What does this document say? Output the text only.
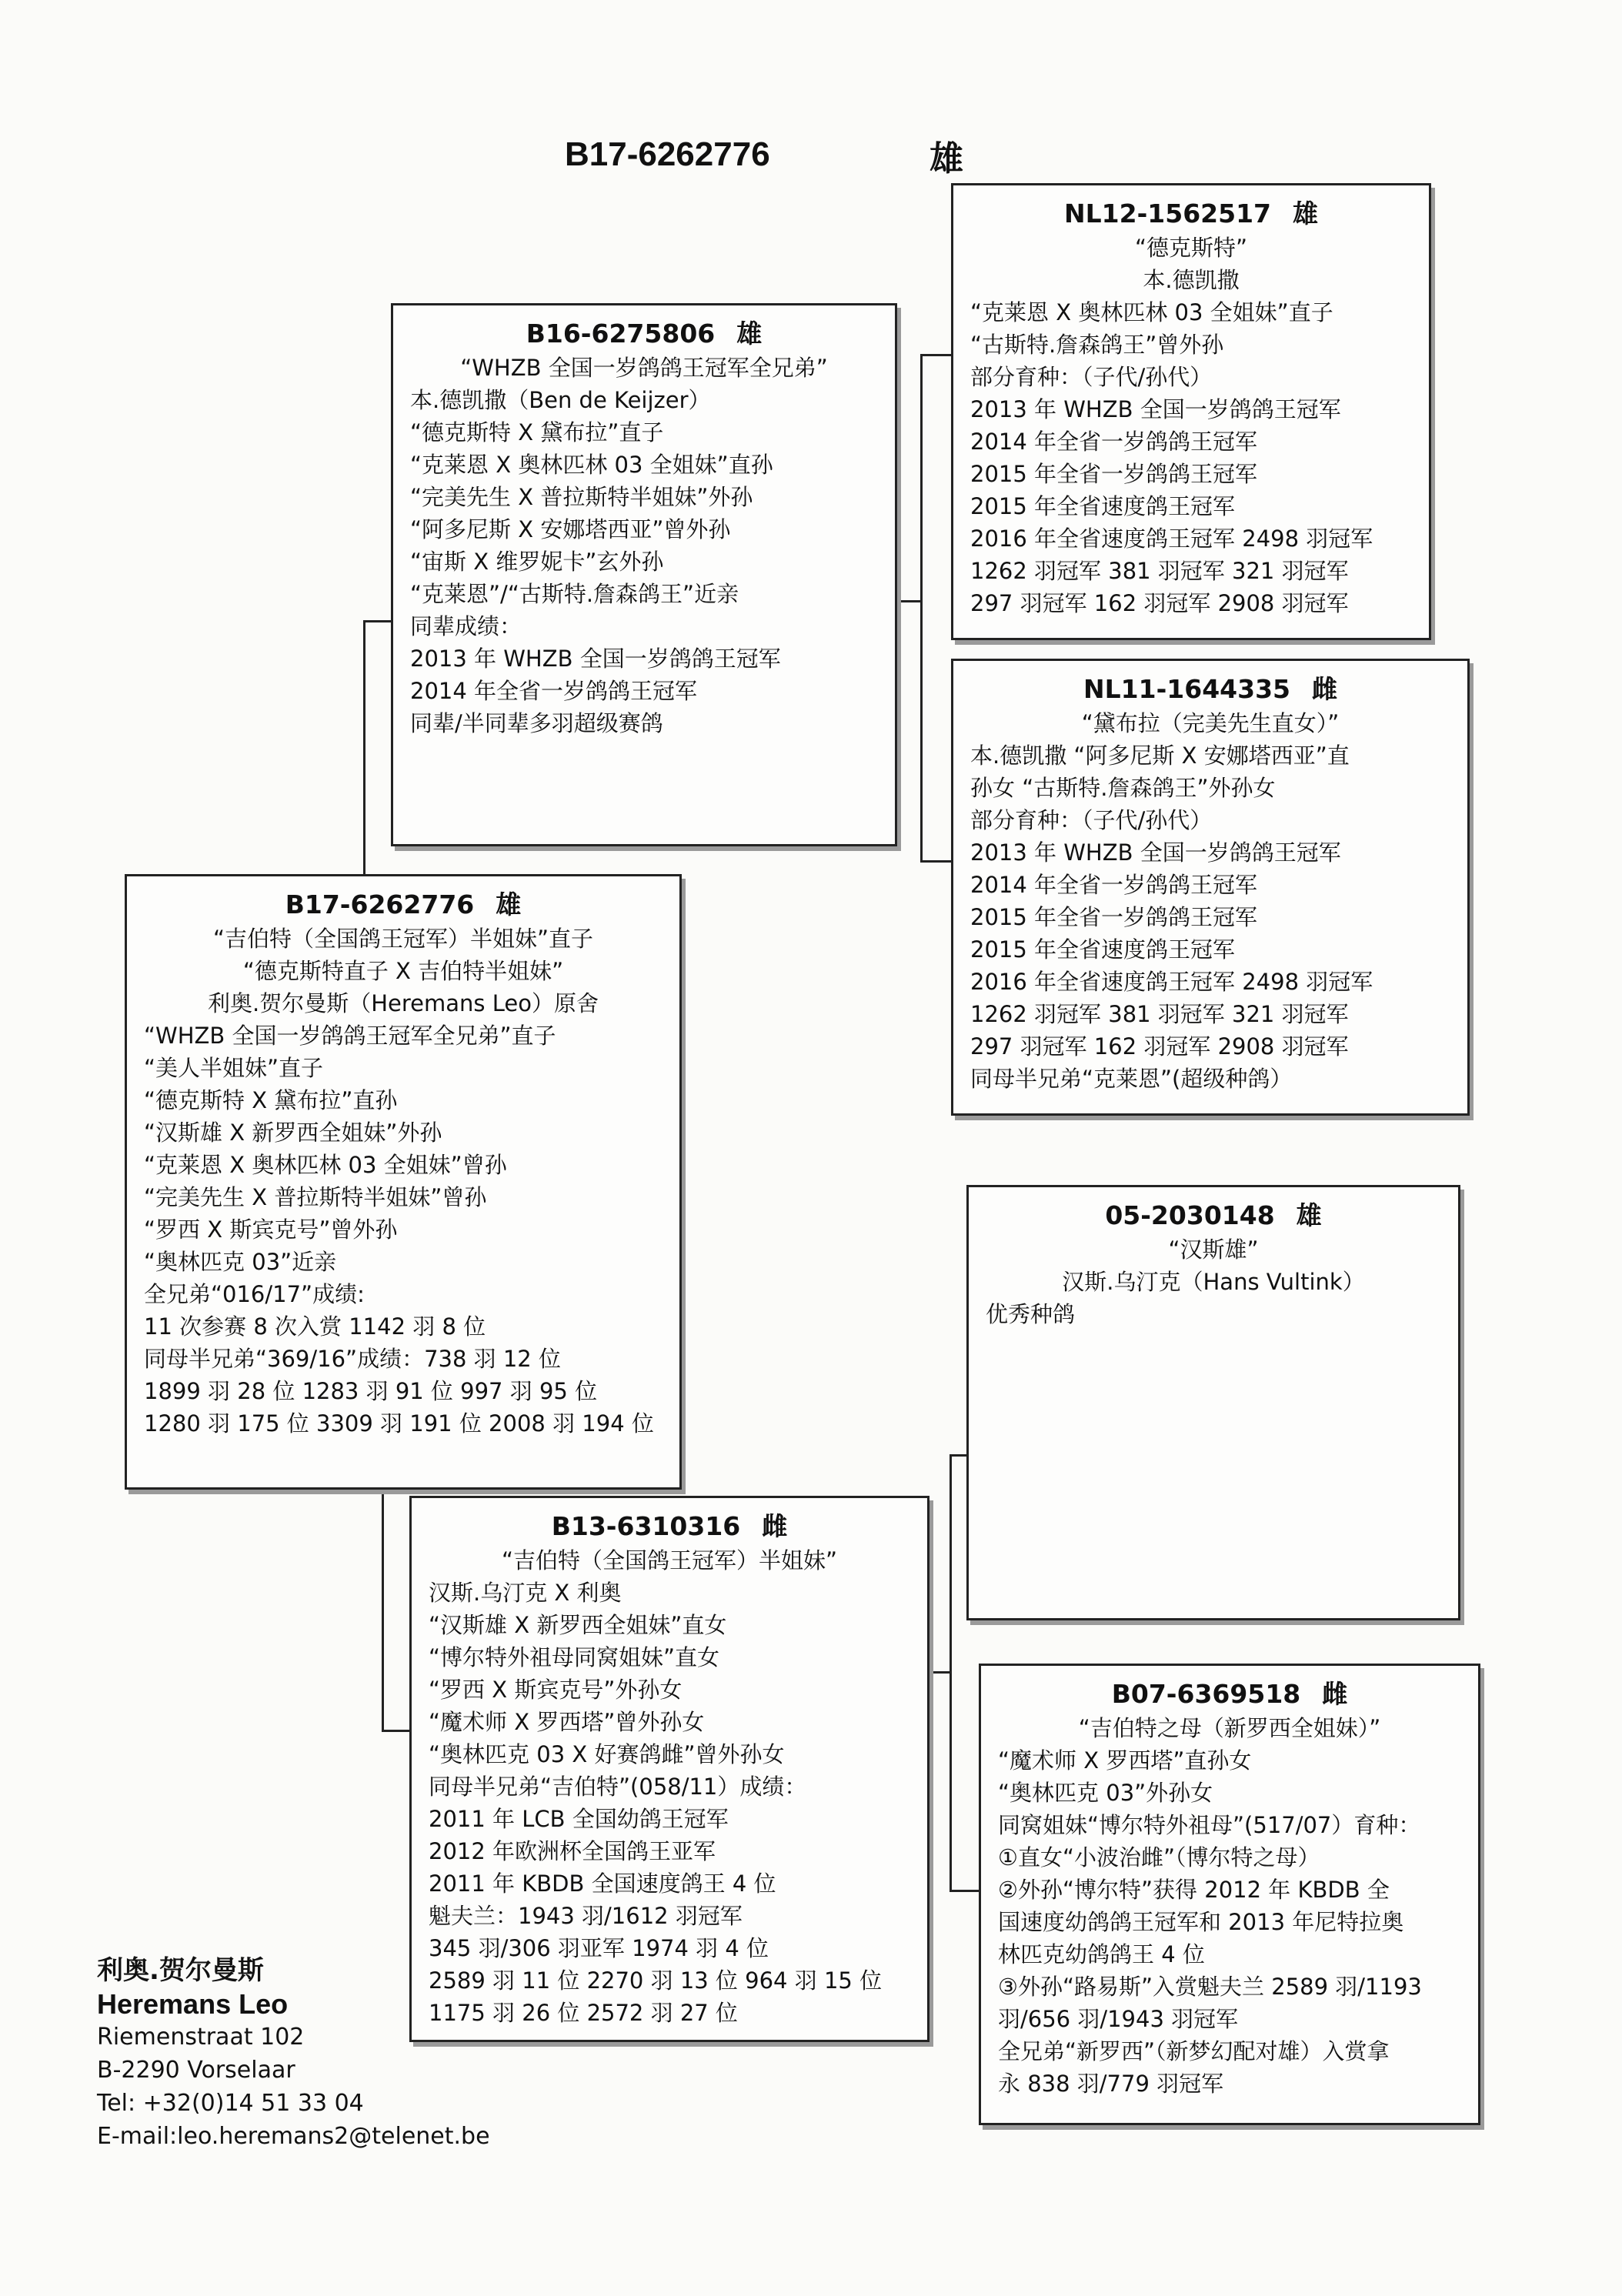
B17-6262776	雄
B16-6275806 雄
“WHZB 全国一岁鸽鸽王冠军全兄弟”
本.德凯撒（Ben de Keijzer）
“德克斯特 X 黛布拉”直子
“克莱恩 X 奥林匹林 03 全姐妹”直孙
“完美先生 X 普拉斯特半姐妹”外孙
“阿多尼斯 X 安娜塔西亚”曾外孙
“宙斯 X 维罗妮卡”玄外孙
“克莱恩”/“古斯特.詹森鸽王”近亲
同辈成绩：
2013 年 WHZB 全国一岁鸽鸽王冠军
2014 年全省一岁鸽鸽王冠军
同辈/半同辈多羽超级赛鸽
B17-6262776 雄
“吉伯特（全国鸽王冠军）半姐妹”直子
“德克斯特直子 X 吉伯特半姐妹”
利奥.贺尔曼斯（Heremans Leo）原舍
“WHZB 全国一岁鸽鸽王冠军全兄弟”直子
“美人半姐妹”直子
“德克斯特 X 黛布拉”直孙
“汉斯雄 X 新罗西全姐妹”外孙
“克莱恩 X 奥林匹林 03 全姐妹”曾孙
“完美先生 X 普拉斯特半姐妹”曾孙
“罗西 X 斯宾克号”曾外孙
“奥林匹克 03”近亲
全兄弟“016/17”成绩:
11 次参赛 8 次入赏 1142 羽 8 位
同母半兄弟“369/16”成绩：738 羽 12 位
1899 羽 28 位 1283 羽 91 位 997 羽 95 位
1280 羽 175 位 3309 羽 191 位 2008 羽 194 位
B13-6310316 雌
“吉伯特（全国鸽王冠军）半姐妹”
汉斯.乌汀克 X 利奥
“汉斯雄 X 新罗西全姐妹”直女
“博尔特外祖母同窝姐妹”直女
“罗西 X 斯宾克号”外孙女
“魔术师 X 罗西塔”曾外孙女
“奥林匹克 03 X 好赛鸽雌”曾外孙女
同母半兄弟“吉伯特”(058/11）成绩：
2011 年 LCB 全国幼鸽王冠军
2012 年欧洲杯全国鸽王亚军
2011 年 KBDB 全国速度鸽王 4 位
魁夫兰：1943 羽/1612 羽冠军
345 羽/306 羽亚军 1974 羽 4 位
2589 羽 11 位 2270 羽 13 位 964 羽 15 位
1175 羽 26 位 2572 羽 27 位
NL12-1562517 雄
“德克斯特”
本.德凯撒
“克莱恩 X 奥林匹林 03 全姐妹”直子
“古斯特.詹森鸽王”曾外孙
部分育种：（子代/孙代）
2013 年 WHZB 全国一岁鸽鸽王冠军
2014 年全省一岁鸽鸽王冠军
2015 年全省一岁鸽鸽王冠军
2015 年全省速度鸽王冠军
2016 年全省速度鸽王冠军 2498 羽冠军
1262 羽冠军 381 羽冠军 321 羽冠军
297 羽冠军 162 羽冠军 2908 羽冠军
NL11-1644335 雌
“黛布拉（完美先生直女）”
本.德凯撒 “阿多尼斯 X 安娜塔西亚”直
孙女 “古斯特.詹森鸽王”外孙女
部分育种：（子代/孙代）
2013 年 WHZB 全国一岁鸽鸽王冠军
2014 年全省一岁鸽鸽王冠军
2015 年全省一岁鸽鸽王冠军
2015 年全省速度鸽王冠军
2016 年全省速度鸽王冠军 2498 羽冠军
1262 羽冠军 381 羽冠军 321 羽冠军
297 羽冠军 162 羽冠军 2908 羽冠军
同母半兄弟“克莱恩”(超级种鸽）
05-2030148 雄
“汉斯雄”
汉斯.乌汀克（Hans Vultink）
优秀种鸽
B07-6369518 雌
“吉伯特之母（新罗西全姐妹）”
“魔术师 X 罗西塔”直孙女
“奥林匹克 03”外孙女
同窝姐妹“博尔特外祖母”(517/07）育种：
①直女“小波治雌”（博尔特之母）
②外孙“博尔特”获得 2012 年 KBDB 全
国速度幼鸽鸽王冠军和 2013 年尼特拉奥
林匹克幼鸽鸽王 4 位
③外孙“路易斯”入赏魁夫兰 2589 羽/1193
羽/656 羽/1943 羽冠军
全兄弟“新罗西”（新梦幻配对雄）入赏拿
永 838 羽/779 羽冠军
利奥.贺尔曼斯
Heremans Leo
Riemenstraat 102
B-2290 Vorselaar
Tel: +32(0)14 51 33 04
E-mail:leo.heremans2@telenet.be
